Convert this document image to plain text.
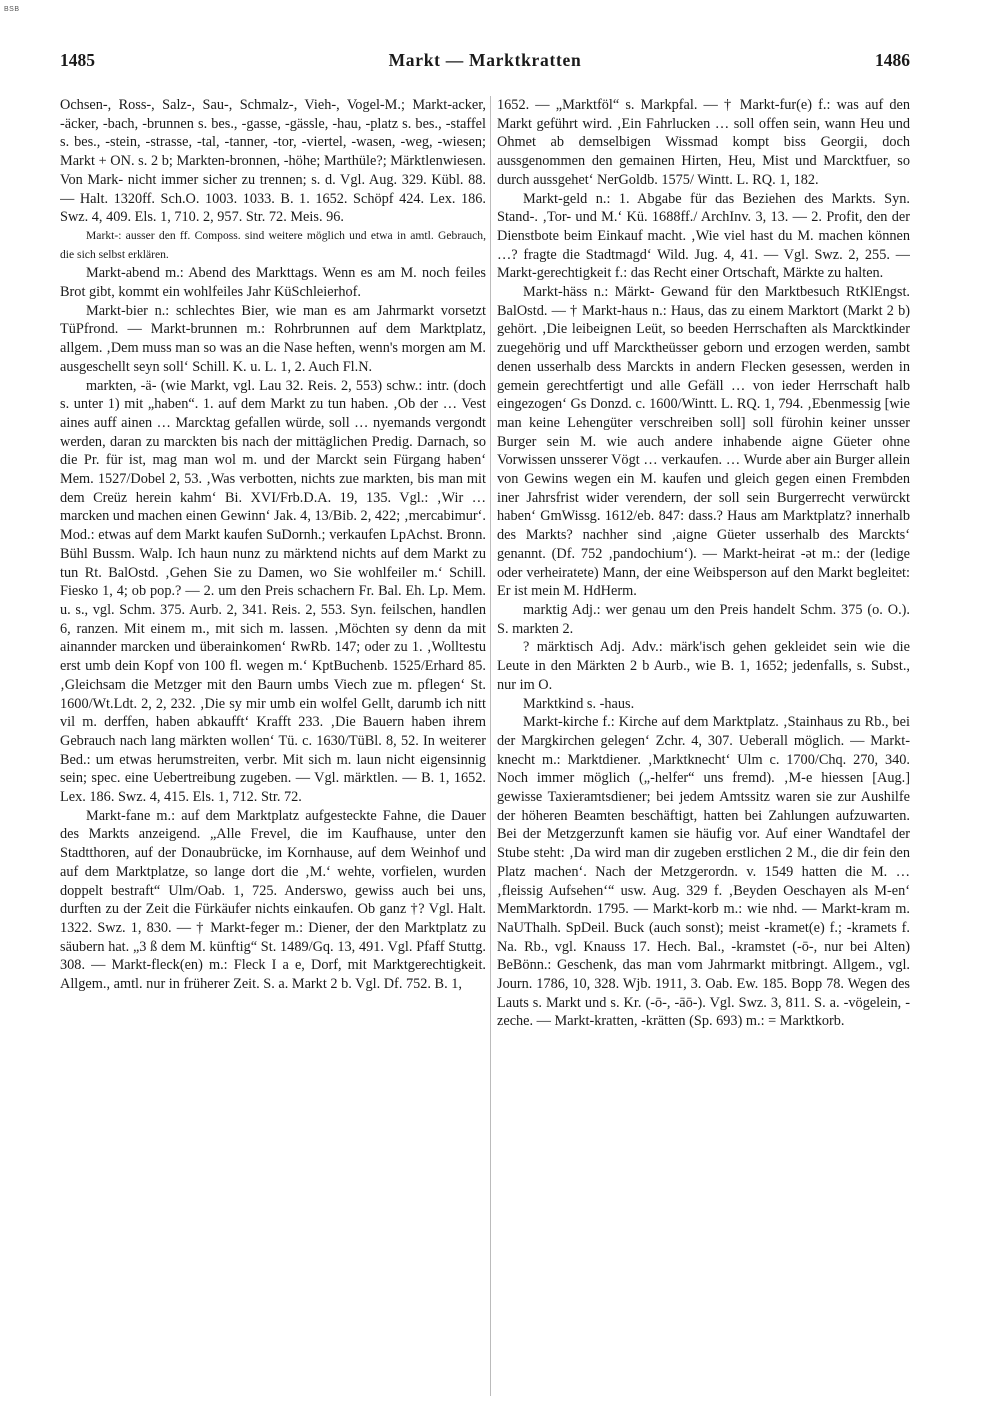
BSB
1485	Markt — Marktkratten	1486

Ochsen-, Ross-, Salz-, Sau-, Schmalz-, Vieh-, Vogel-M.; Markt-acker, -äcker, -bach, -brunnen s. bes., -gasse, -gässle, -hau, -platz s. bes., -staffel s. bes., -stein, -strasse, -tal, -tanner, -tor, -viertel, -wasen, -weg, -wiesen; Markt + ON. s. 2 b; Markten-bronnen, -höhe; Marthüle?; Märktlenwiesen. Von Mark- nicht immer sicher zu trennen; s. d. Vgl. Aug. 329. Kübl. 88. — Halt. 1320ff. Sch.O. 1003. 1033. B. 1. 1652. Schöpf 424. Lex. 186. Swz. 4, 409. Els. 1, 710. 2, 957. Str. 72. Meis. 96.

Markt-: ausser den ff. Composs. sind weitere möglich und etwa in amtl. Gebrauch, die sich selbst erklären.

Markt-abend m.: Abend des Markttags. Wenn es am M. noch feiles Brot gibt, kommt ein wohlfeiles Jahr KüSchleierhof.

Markt-bier n.: schlechtes Bier, wie man es am Jahrmarkt vorsetzt TüPfrond. — Markt-brunnen m.: Rohrbrunnen auf dem Marktplatz, allgem. ‚Dem muss man so was an die Nase heften, wenn's morgen am M. ausgeschellt seyn soll‘ Schill. K. u. L. 1, 2. Auch Fl.N.

markten, -ä- (wie Markt, vgl. Lau 32. Reis. 2, 553) schw.: intr. (doch s. unter 1) mit „haben“. 1. auf dem Markt zu tun haben. ‚Ob der … Vest aines auff ainen … Marcktag gefallen würde, soll … nyemands vergondt werden, daran zu marckten bis nach der mittäglichen Predig. Darnach, so die Pr. für ist, mag man wol m. und der Marckt sein Fürgang haben‘ Mem. 1527/Dobel 2, 53. ‚Was verbotten, nichts zue markten, bis man mit dem Creüz herein kahm‘ Bi. XVI/Frb.D.A. 19, 135. Vgl.: ‚Wir … marcken und machen einen Gewinn‘ Jak. 4, 13/Bib. 2, 422; ‚mercabimur‘. Mod.: etwas auf dem Markt kaufen SuDornh.; verkaufen LpAchst. Bronn. Bühl Bussm. Walp. Ich haun nunz zu märktend nichts auf dem Markt zu tun Rt. BalOstd. ‚Gehen Sie zu Damen, wo Sie wohlfeiler m.‘ Schill. Fiesko 1, 4; ob pop.? — 2. um den Preis schachern Fr. Bal. Eh. Lp. Mem. u. s., vgl. Schm. 375. Aurb. 2, 341. Reis. 2, 553. Syn. feilschen, handlen 6, ranzen. Mit einem m., mit sich m. lassen. ‚Möchten sy denn da mit ainannder marcken und überainkomen‘ RwRb. 147; oder zu 1. ‚Wolltestu erst umb dein Kopf von 100 fl. wegen m.‘ KptBuchenb. 1525/Erhard 85. ‚Gleichsam die Metzger mit den Baurn umbs Viech zue m. pflegen‘ St. 1600/Wt.Ldt. 2, 2, 232. ‚Die sy mir umb ein wolfel Gellt, darumb ich nitt vil m. derffen, haben abkaufft‘ Krafft 233. ‚Die Bauern haben ihrem Gebrauch nach lang märkten wollen‘ Tü. c. 1630/TüBl. 8, 52. In weiterer Bed.: um etwas herumstreiten, verbr. Mit sich m. laun nicht eigensinnig sein; spec. eine Uebertreibung zugeben. — Vgl. märktlen. — B. 1, 1652. Lex. 186. Swz. 4, 415. Els. 1, 712. Str. 72.

Markt-fane m.: auf dem Marktplatz aufgesteckte Fahne, die Dauer des Markts anzeigend. „Alle Frevel, die im Kaufhause, unter den Stadtthoren, auf der Donaubrücke, im Kornhause, auf dem Weinhof und auf dem Marktplatze, so lange dort die ‚M.‘ wehte, vorfielen, wurden doppelt bestraft“ Ulm/Oab. 1, 725. Anderswo, gewiss auch bei uns, durften zu der Zeit die Fürkäufer nichts einkaufen. Ob ganz †? Vgl. Halt. 1322. Swz. 1, 830. — † Markt-feger m.: Diener, der den Marktplatz zu säubern hat. „3 ß dem M. künftig“ St. 1489/Gq. 13, 491. Vgl. Pfaff Stuttg. 308. — Markt-fleck(en) m.: Fleck I a e, Dorf, mit Marktgerechtigkeit. Allgem., amtl. nur in früherer Zeit. S. a. Markt 2 b. Vgl. Df. 752. B. 1,

1652. — „Marktföl“ s. Markpfal. — † Markt-fur(e) f.: was auf den Markt geführt wird. ‚Ein Fahrlucken … soll offen sein, wann Heu und Ohmet ab demselbigen Wissmad kompt biss Georgii, doch aussgenommen den gemainen Hirten, Heu, Mist und Marcktfuer, so durch aussgehet‘ NerGoldb. 1575/ Wintt. L. RQ. 1, 182.

Markt-geld n.: 1. Abgabe für das Beziehen des Markts. Syn. Stand-. ‚Tor- und M.‘ Kü. 1688ff./ ArchInv. 3, 13. — 2. Profit, den der Dienstbote beim Einkauf macht. ‚Wie viel hast du M. machen können …? fragte die Stadtmagd‘ Wild. Jug. 4, 41. — Vgl. Swz. 2, 255. — Markt-gerechtigkeit f.: das Recht einer Ortschaft, Märkte zu halten.

Markt-häss n.: Märkt- Gewand für den Marktbesuch RtKlEngst. BalOstd. — † Markt-haus n.: Haus, das zu einem Marktort (Markt 2 b) gehört. ‚Die leibeignen Leüt, so beeden Herrschaften als Marcktkinder zuegehörig und uff Marcktheüsser geborn und erzogen werden, sambt denen usserhalb dess Marckts in andern Flecken gesessen, werden in gemein gerechtfertigt und alle Gefäll … von ieder Herrschaft halb eingezogen‘ Gs Donzd. c. 1600/Wintt. L. RQ. 1, 794. ‚Ebenmessig [wie man keine Lehengüter verschreiben soll] soll fürohin keiner unsser Burger sein M. wie auch andere inhabende aigne Güeter ohne Vorwissen unsserer Vögt … verkaufen. … Wurde aber ain Burger allein von Gewins wegen ein M. kaufen und gleich gegen einen Frembden iner Jahrsfrist wider verendern, der soll sein Burgerrecht verwürckt haben‘ GmWissg. 1612/eb. 847: dass.? Haus am Marktplatz? innerhalb des Markts? nachher sind ‚aigne Güeter usserhalb des Marckts‘ genannt. (Df. 752 ‚pandochium‘). — Markt-heirat -ət m.: der (ledige oder verheiratete) Mann, der eine Weibsperson auf den Markt begleitet: Er ist mein M. HdHerm.

marktig Adj.: wer genau um den Preis handelt Schm. 375 (o. O.). S. markten 2.

? märktisch Adj. Adv.: märk'isch gehen gekleidet sein wie die Leute in den Märkten 2 b Aurb., wie B. 1, 1652; jedenfalls, s. Subst., nur im O.

Marktkind s. -haus.

Markt-kirche f.: Kirche auf dem Marktplatz. ‚Stainhaus zu Rb., bei der Margkirchen gelegen‘ Zchr. 4, 307. Ueberall möglich. — Markt-knecht m.: Marktdiener. ‚Marktknecht‘ Ulm c. 1700/Chq. 270, 340. Noch immer möglich („-helfer“ uns fremd). ‚M-e hiessen [Aug.] gewisse Taxieramtsdiener; bei jedem Amtssitz waren sie zur Aushilfe der höheren Beamten beschäftigt, hatten bei Zahlungen aufzuwarten. Bei der Metzgerzunft kamen sie häufig vor. Auf einer Wandtafel der Stube steht: ‚Da wird man dir zugeben erstlichen 2 M., die dir fein den Platz machen‘. Nach der Metzgerordn. v. 1549 hatten die M. … ‚fleissig Aufsehen‘“ usw. Aug. 329 f. ‚Beyden Oeschayen als M-en‘ MemMarktordn. 1795. — Markt-korb m.: wie nhd. — Markt-kram m. NaUThalh. SpDeil. Buck (auch sonst); meist -kramet(e) f.; -kramets f. Na. Rb., vgl. Knauss 17. Hech. Bal., -kramstet (-ō-, nur bei Alten) BeBönn.: Geschenk, das man vom Jahrmarkt mitbringt. Allgem., vgl. Journ. 1786, 10, 328. Wjb. 1911, 3. Oab. Ew. 185. Bopp 78. Wegen des Lauts s. Markt und s. Kr. (-ō-, -āō-). Vgl. Swz. 3, 811. S. a. -vögelein, -zeche. — Markt-kratten, -krätten (Sp. 693) m.: = Marktkorb.
